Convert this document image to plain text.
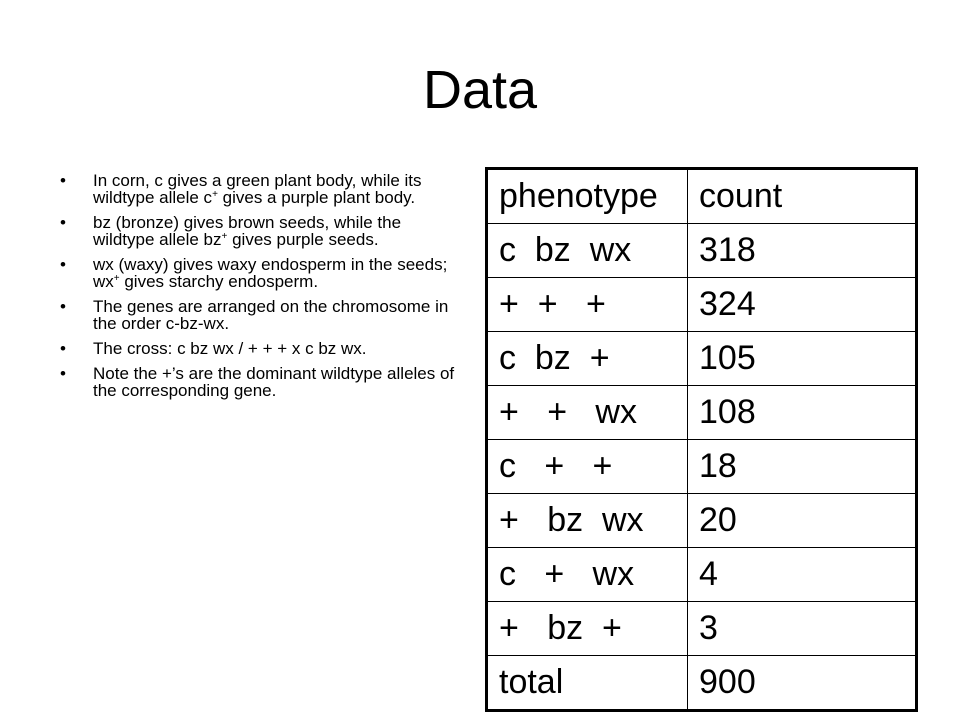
Data
• In corn, c gives a green plant body, while its wildtype allele c+ gives a purple plant body.
• bz (bronze) gives brown seeds, while the wildtype allele bz+ gives purple seeds.
• wx (waxy) gives waxy endosperm in the seeds; wx+ gives starchy endosperm.
• The genes are arranged on the chromosome in the order c-bz-wx.
• The cross: c bz wx / + + + x c bz wx.
• Note the +’s are the dominant wildtype alleles of the corresponding gene.
phenotype	count
c  bz  wx	318
+  +   +	324
c  bz  +	105
+   +   wx	108
c   +   +	18
+   bz  wx	20
c   +   wx	4
+   bz  +	3
total	900
